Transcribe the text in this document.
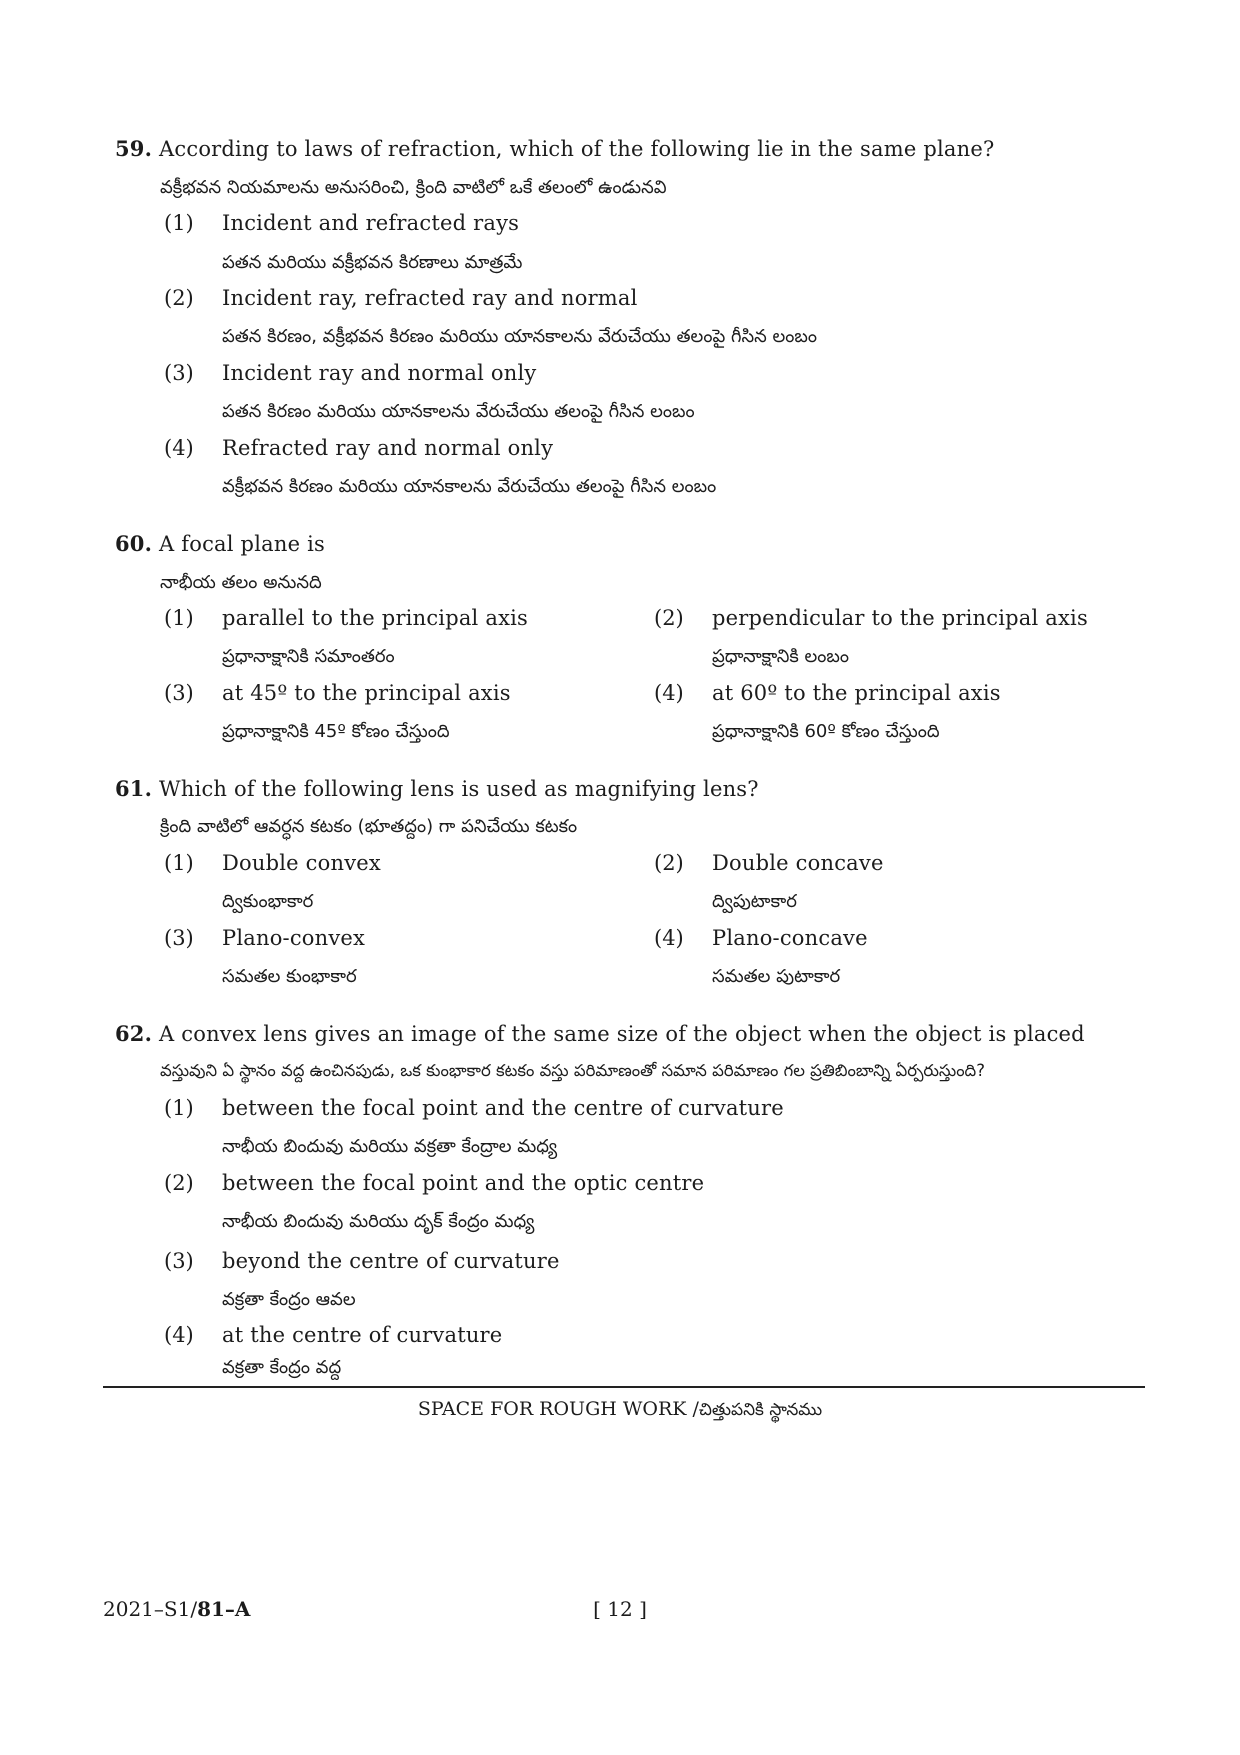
59. According to laws of refraction, which of the following lie in the same plane?
వక్రీభవన నియమాలను అనుసరించి, క్రింది వాటిలో ఒకే తలంలో ఉండునవి
(1) Incident and refracted rays
పతన మరియు వక్రీభవన కిరణాలు మాత్రమే
(2) Incident ray, refracted ray and normal
పతన కిరణం, వక్రీభవన కిరణం మరియు యానకాలను వేరుచేయు తలంపై గీసిన లంబం
(3) Incident ray and normal only
పతన కిరణం మరియు యానకాలను వేరుచేయు తలంపై గీసిన లంబం
(4) Refracted ray and normal only
వక్రీభవన కిరణం మరియు యానకాలను వేరుచేయు తలంపై గీసిన లంబం
60. A focal plane is
నాభీయ తలం అనునది
(1) parallel to the principal axis
ప్రధానాక్షానికి సమాంతరం
(2) perpendicular to the principal axis
ప్రధానాక్షానికి లంబం
(3) at 45º to the principal axis
ప్రధానాక్షానికి 45º కోణం చేస్తుంది
(4) at 60º to the principal axis
ప్రధానాక్షానికి 60º కోణం చేస్తుంది
61. Which of the following lens is used as magnifying lens?
క్రింది వాటిలో ఆవర్ధన కటకం (భూతద్దం) గా పనిచేయు కటకం
(1) Double convex
ద్వికుంభాకార
(2) Double concave
ద్విపుటాకార
(3) Plano-convex
సమతల కుంభాకార
(4) Plano-concave
సమతల పుటాకార
62. A convex lens gives an image of the same size of the object when the object is placed
వస్తువుని ఏ స్థానం వద్ద ఉంచినపుడు, ఒక కుంభాకార కటకం వస్తు పరిమాణంతో సమాన పరిమాణం గల ప్రతిబింబాన్ని ఏర్పరుస్తుంది?
(1) between the focal point and the centre of curvature
నాభీయ బిందువు మరియు వక్రతా కేంద్రాల మధ్య
(2) between the focal point and the optic centre
నాభీయ బిందువు మరియు దృక్ కేంద్రం మధ్య
(3) beyond the centre of curvature
వక్రతా కేంద్రం ఆవల
(4) at the centre of curvature
వక్రతా కేంద్రం వద్ద
SPACE FOR ROUGH WORK /చిత్తుపనికి స్థానము
2021–S1/81–A	[ 12 ]
